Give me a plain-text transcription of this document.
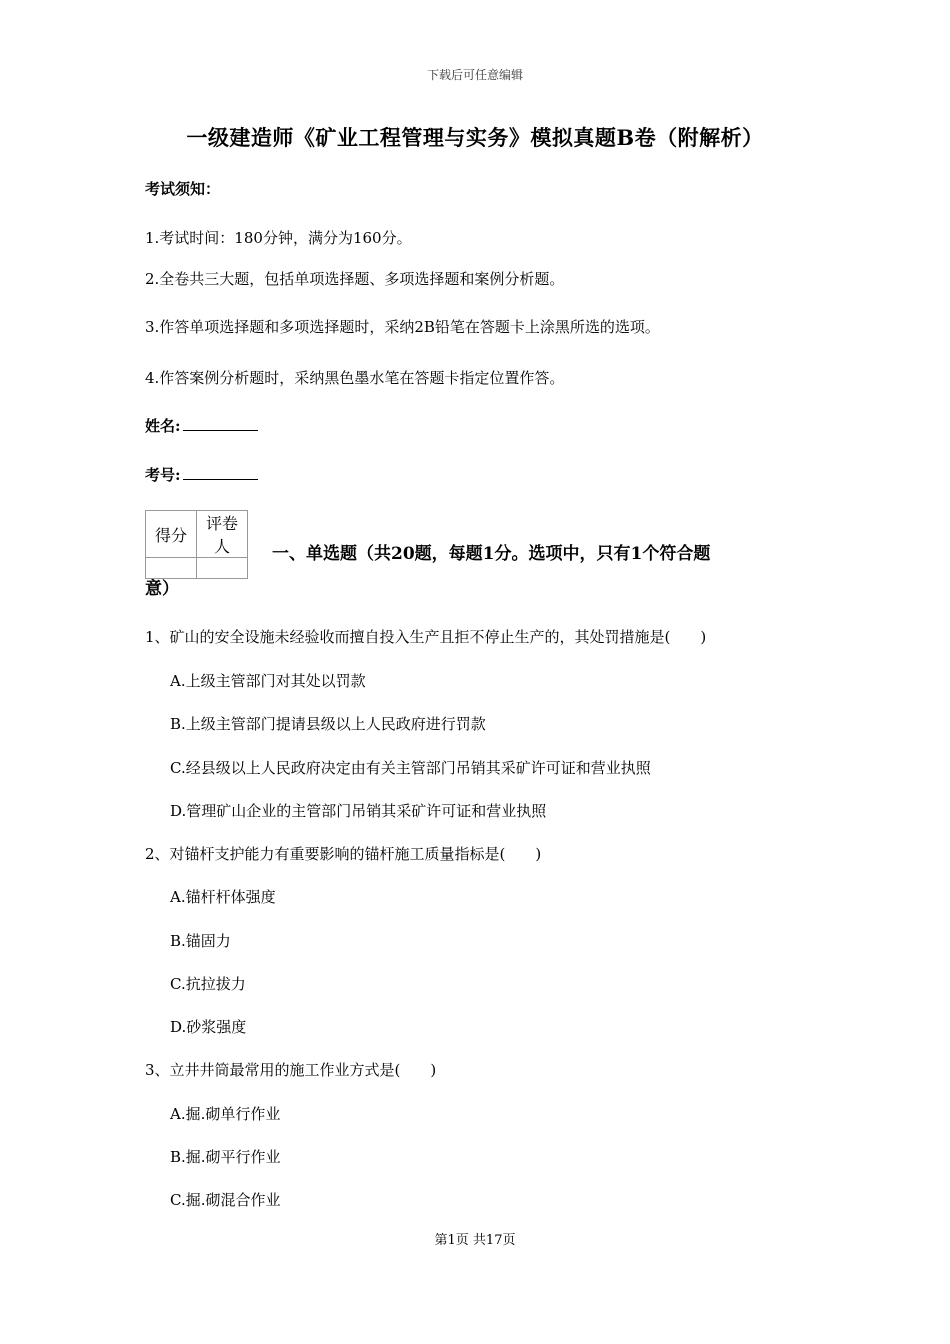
下载后可任意编辑
一级建造师《矿业工程管理与实务》模拟真题B卷（附解析）
考试须知：
1.考试时间：180分钟，满分为160分。
2.全卷共三大题，包括单项选择题、多项选择题和案例分析题。
3.作答单项选择题和多项选择题时，采纳2B铅笔在答题卡上涂黑所选的选项。
4.作答案例分析题时，采纳黑色墨水笔在答题卡指定位置作答。
姓名:
考号:
得分	评卷人
	一、单选题（共20题，每题1分。选项中，只有1个符合题
意）
1、矿山的安全设施未经验收而擅自投入生产且拒不停止生产的，其处罚措施是(　　)
A.上级主管部门对其处以罚款
B.上级主管部门提请县级以上人民政府进行罚款
C.经县级以上人民政府决定由有关主管部门吊销其采矿许可证和营业执照
D.管理矿山企业的主管部门吊销其采矿许可证和营业执照
2、对锚杆支护能力有重要影响的锚杆施工质量指标是(　　)
A.锚杆杆体强度
B.锚固力
C.抗拉拔力
D.砂浆强度
3、立井井筒最常用的施工作业方式是(　　)
A.掘.砌单行作业
B.掘.砌平行作业
C.掘.砌混合作业
第1页 共17页
